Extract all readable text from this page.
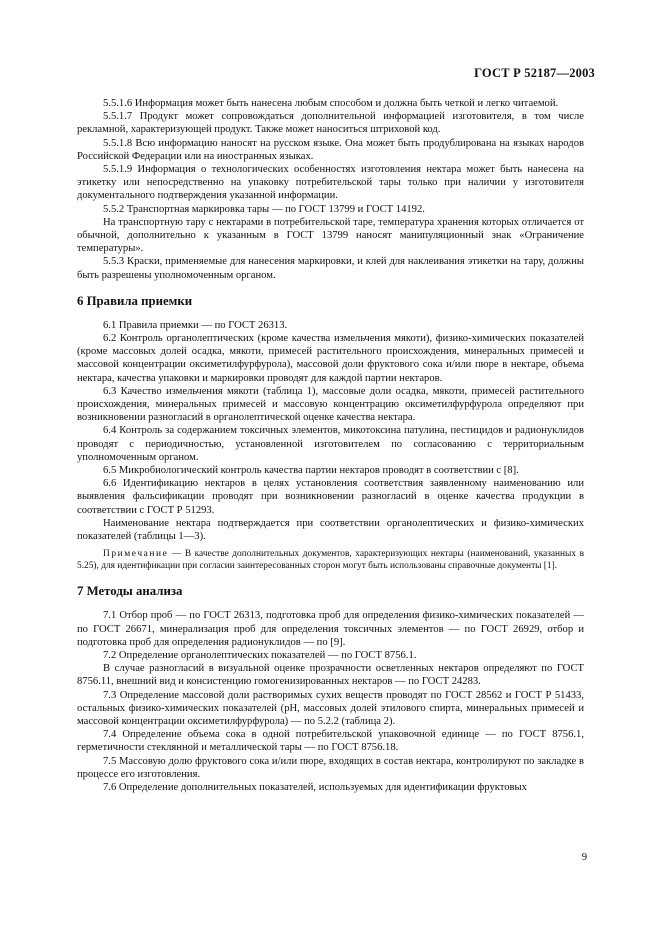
ГОСТ Р 52187—2003

5.5.1.6 Информация может быть нанесена любым способом и должна быть четкой и легко читаемой.

5.5.1.7 Продукт может сопровождаться дополнительной информацией изготовителя, в том числе рекламной, характеризующей продукт. Также может наноситься штриховой код.

5.5.1.8 Всю информацию наносят на русском языке. Она может быть продублирована на языках народов Российской Федерации или на иностранных языках.

5.5.1.9 Информация о технологических особенностях изготовления нектара может быть нанесена на этикетку или непосредственно на упаковку потребительской тары только при наличии у изготовителя документального подтверждения указанной информации.

5.5.2 Транспортная маркировка тары — по ГОСТ 13799 и ГОСТ 14192.

На транспортную тару с нектарами в потребительской таре, температура хранения которых отличается от обычной, дополнительно к указанным в ГОСТ 13799 наносят манипуляционный знак «Ограничение температуры».

5.5.3 Краски, применяемые для нанесения маркировки, и клей для наклеивания этикетки на тару, должны быть разрешены уполномоченным органом.

6 Правила приемки

6.1 Правила приемки — по ГОСТ 26313.

6.2 Контроль органолептических (кроме качества измельчения мякоти), физико-химических показателей (кроме массовых долей осадка, мякоти, примесей растительного происхождения, минеральных примесей и массовой концентрации оксиметилфурфурола), массовой доли фруктового сока и/или пюре в нектаре, объема нектара, качества упаковки и маркировки проводят для каждой партии нектаров.

6.3 Качество измельчения мякоти (таблица 1), массовые доли осадка, мякоти, примесей растительного происхождения, минеральных примесей и массовую концентрацию оксиметилфурфурола определяют при возникновении разногласий в органолептической оценке качества нектара.

6.4 Контроль за содержанием токсичных элементов, микотоксина патулина, пестицидов и радионуклидов проводят с периодичностью, установленной изготовителем по согласованию с территориальным уполномоченным органом.

6.5 Микробиологический контроль качества партии нектаров проводят в соответствии с [8].

6.6 Идентификацию нектаров в целях установления соответствия заявленному наименованию или выявления фальсификации проводят при возникновении разногласий в оценке качества продукции в соответствии с ГОСТ Р 51293.

Наименование нектара подтверждается при соответствии органолептических и физико-химических показателей (таблицы 1—3).

Примечание — В качестве дополнительных документов, характеризующих нектары (наименований, указанных в 5.25), для идентификации при согласии заинтересованных сторон могут быть использованы справочные документы [1].

7 Методы анализа

7.1 Отбор проб — по ГОСТ 26313, подготовка проб для определения физико-химических показателей — по ГОСТ 26671, минерализация проб для определения токсичных элементов — по ГОСТ 26929, отбор и подготовка проб для определения радионуклидов — по [9].

7.2 Определение органолептических показателей — по ГОСТ 8756.1.

В случае разногласий в визуальной оценке прозрачности осветленных нектаров определяют по ГОСТ 8756.11, внешний вид и консистенцию гомогенизированных нектаров — по ГОСТ 24283.

7.3 Определение массовой доли растворимых сухих веществ проводят по ГОСТ 28562 и ГОСТ Р 51433, остальных физико-химических показателей (pH, массовых долей этилового спирта, минеральных примесей и массовой концентрации оксиметилфурфурола) — по 5.2.2 (таблица 2).

7.4 Определение объема сока в одной потребительской упаковочной единице — по ГОСТ 8756.1, герметичности стеклянной и металлической тары — по ГОСТ 8756.18.

7.5 Массовую долю фруктового сока и/или пюре, входящих в состав нектара, контролируют по закладке в процессе его изготовления.

7.6 Определение дополнительных показателей, используемых для идентификации фруктовых

9
